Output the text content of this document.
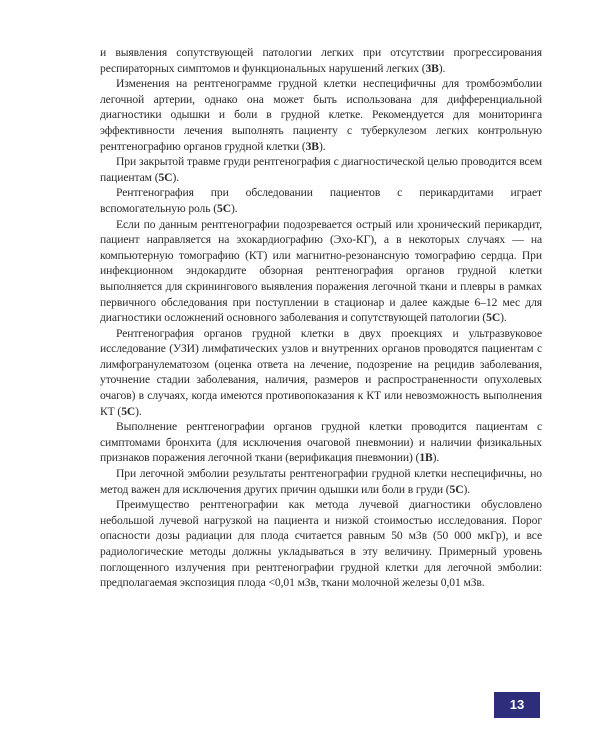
и выявления сопутствующей патологии легких при отсутствии прогрессирования респираторных симптомов и функциональных нарушений легких (3B).

Изменения на рентгенограмме грудной клетки неспецифичны для тромбоэмболии легочной артерии, однако она может быть использована для дифференциальной диагностики одышки и боли в грудной клетке. Рекомендуется для мониторинга эффективности лечения выполнять пациенту с туберкулезом легких контрольную рентгенографию органов грудной клетки (3B).

При закрытой травме груди рентгенография с диагностической целью проводится всем пациентам (5C).

Рентгенография при обследовании пациентов с перикардитами играет вспомогательную роль (5C).

Если по данным рентгенографии подозревается острый или хронический перикардит, пациент направляется на эхокардиографию (Эхо-КГ), а в некоторых случаях — на компьютерную томографию (КТ) или магнитно-резонансную томографию сердца. При инфекционном эндокардите обзорная рентгенография органов грудной клетки выполняется для скринингового выявления поражения легочной ткани и плевры в рамках первичного обследования при поступлении в стационар и далее каждые 6–12 мес для диагностики осложнений основного заболевания и сопутствующей патологии (5C).

Рентгенография органов грудной клетки в двух проекциях и ультразвуковое исследование (УЗИ) лимфатических узлов и внутренних органов проводятся пациентам с лимфогранулематозом (оценка ответа на лечение, подозрение на рецидив заболевания, уточнение стадии заболевания, наличия, размеров и распространенности опухолевых очагов) в случаях, когда имеются противопоказания к КТ или невозможность выполнения КТ (5C).

Выполнение рентгенографии органов грудной клетки проводится пациентам с симптомами бронхита (для исключения очаговой пневмонии) и наличии физикальных признаков поражения легочной ткани (верификация пневмонии) (1B).

При легочной эмболии результаты рентгенографии грудной клетки неспецифичны, но метод важен для исключения других причин одышки или боли в груди (5C).

Преимущество рентгенографии как метода лучевой диагностики обусловлено небольшой лучевой нагрузкой на пациента и низкой стоимостью исследования. Порог опасности дозы радиации для плода считается равным 50 мЗв (50 000 мкГр), и все радиологические методы должны укладываться в эту величину. Примерный уровень поглощенного излучения при рентгенографии грудной клетки для легочной эмболии: предполагаемая экспозиция плода <0,01 мЗв, ткани молочной железы 0,01 мЗв.

13
